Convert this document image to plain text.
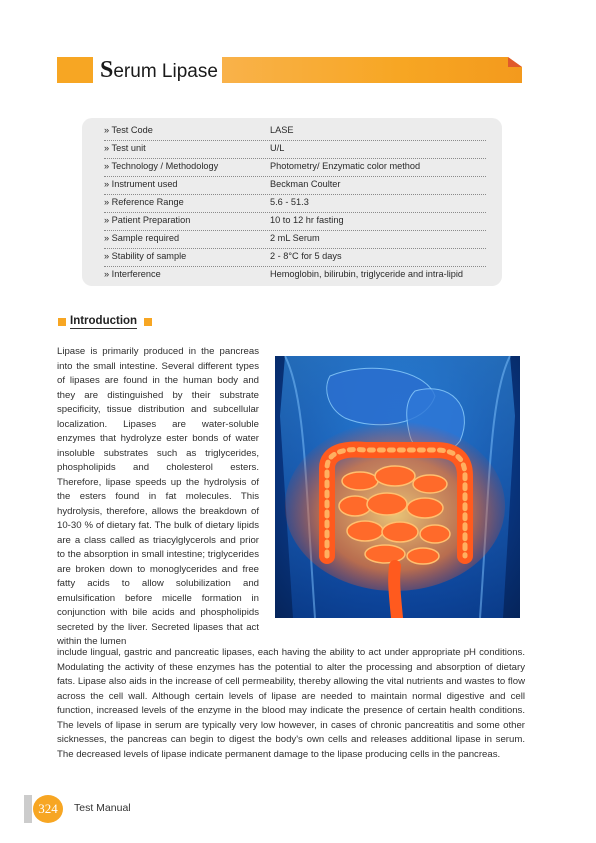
Serum Lipase
» Test Code	LASE
» Test unit	U/L
» Technology / Methodology	Photometry/ Enzymatic color method
» Instrument used	Beckman Coulter
» Reference Range	5.6 - 51.3
» Patient Preparation	10 to 12 hr fasting
» Sample required	2 mL Serum
» Stability of sample	2 - 8°C for 5 days
» Interference	Hemoglobin, bilirubin, triglyceride and intra-lipid
Introduction
Lipase is primarily produced in the pancreas into the small intestine. Several different types of lipases are found in the human body and they are distinguished by their substrate specificity, tissue distribution and subcellular localization. Lipases are water-soluble enzymes that hydrolyze ester bonds of water insoluble substrates such as triglycerides, phospholipids and cholesterol esters. Therefore, lipase speeds up the hydrolysis of the esters found in fat molecules. This hydrolysis, therefore, allows the breakdown of 10-30 % of dietary fat. The bulk of dietary lipids are a class called as triacylglycerols and prior to the absorption in small intestine; triglycerides are broken down to monoglycerides and free fatty acids to allow solubilization and emulsification before micelle formation in conjunction with bile acids and phospholipids secreted by the liver. Secreted lipases that act within the lumen
include lingual, gastric and pancreatic lipases, each having the ability to act under appropriate pH conditions. Modulating the activity of these enzymes has the potential to alter the processing and absorption of dietary fats. Lipase also aids in the increase of cell permeability, thereby allowing the vital nutrients and wastes to flow across the cell wall. Although certain levels of lipase are needed to maintain normal digestive and cell function, increased levels of the enzyme in the blood may indicate the presence of certain health conditions. The levels of lipase in serum are typically very low however, in cases of chronic pancreatitis and some other sicknesses, the pancreas can begin to digest the body's own cells and releases additional lipase in serum. The decreased levels of lipase indicate permanent damage to the lipase producing cells in the pancreas.
324	Test Manual
